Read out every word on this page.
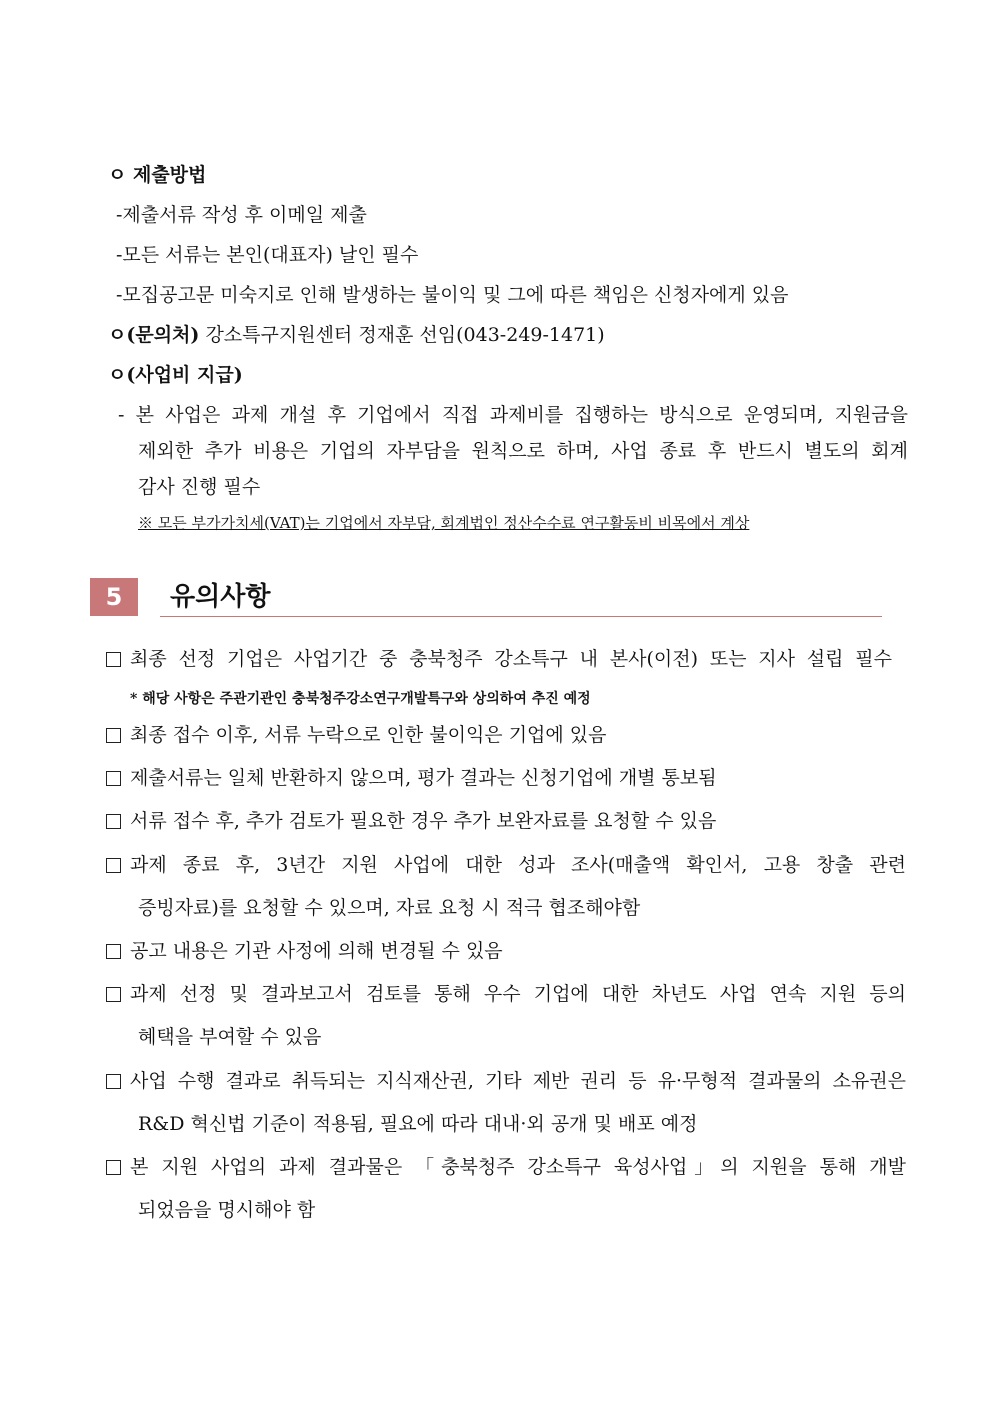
ㅇ 제출방법
-제출서류 작성 후 이메일 제출
-모든 서류는 본인(대표자) 날인 필수
-모집공고문 미숙지로 인해 발생하는 불이익 및 그에 따른 책임은 신청자에게 있음
ㅇ(문의처) 강소특구지원센터 정재훈 선임(043-249-1471)
ㅇ(사업비 지급)
- 본 사업은 과제 개설 후 기업에서 직접 과제비를 집행하는 방식으로 운영되며, 지원금을
제외한 추가 비용은 기업의 자부담을 원칙으로 하며, 사업 종료 후 반드시 별도의 회계
감사 진행 필수
※ 모든 부가가치세(VAT)는 기업에서 자부담, 회계법인 정산수수료 연구활동비 비목에서 계상
5	유의사항
최종 선정 기업은 사업기간 중 충북청주 강소특구 내 본사(이전) 또는 지사 설립 필수
* 해당 사항은 주관기관인 충북청주강소연구개발특구와 상의하여 추진 예정
최종 접수 이후, 서류 누락으로 인한 불이익은 기업에 있음
제출서류는 일체 반환하지 않으며, 평가 결과는 신청기업에 개별 통보됨
서류 접수 후, 추가 검토가 필요한 경우 추가 보완자료를 요청할 수 있음
과제 종료 후, 3년간 지원 사업에 대한 성과 조사(매출액 확인서, 고용 창출 관련
증빙자료)를 요청할 수 있으며, 자료 요청 시 적극 협조해야함
공고 내용은 기관 사정에 의해 변경될 수 있음
과제 선정 및 결과보고서 검토를 통해 우수 기업에 대한 차년도 사업 연속 지원 등의
혜택을 부여할 수 있음
사업 수행 결과로 취득되는 지식재산권, 기타 제반 권리 등 유·무형적 결과물의 소유권은
R&D 혁신법 기준이 적용됨, 필요에 따라 대내·외 공개 및 배포 예정
본 지원 사업의 과제 결과물은 「충북청주 강소특구 육성사업」의 지원을 통해 개발
되었음을 명시해야 함
